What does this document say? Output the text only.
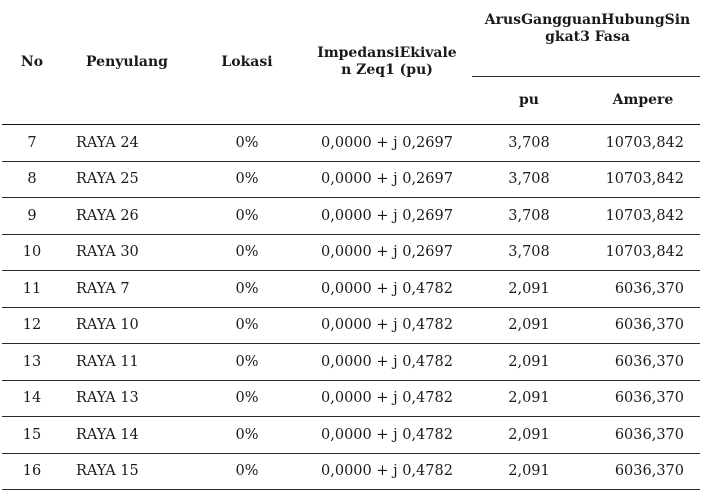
No	Penyulang	Lokasi	ImpedansiEkivalen Zeq1 (pu)	ArusGangguanHubungSingkat3 Fasa	

				pu	Ampere
7	RAYA 24	0%	0,0000 + j 0,2697	3,708	10703,842
8	RAYA 25	0%	0,0000 + j 0,2697	3,708	10703,842
9	RAYA 26	0%	0,0000 + j 0,2697	3,708	10703,842
10	RAYA 30	0%	0,0000 + j 0,2697	3,708	10703,842
11	RAYA 7	0%	0,0000 + j 0,4782	2,091	6036,370
12	RAYA 10	0%	0,0000 + j 0,4782	2,091	6036,370
13	RAYA 11	0%	0,0000 + j 0,4782	2,091	6036,370
14	RAYA 13	0%	0,0000 + j 0,4782	2,091	6036,370
15	RAYA 14	0%	0,0000 + j 0,4782	2,091	6036,370
16	RAYA 15	0%	0,0000 + j 0,4782	2,091	6036,370
